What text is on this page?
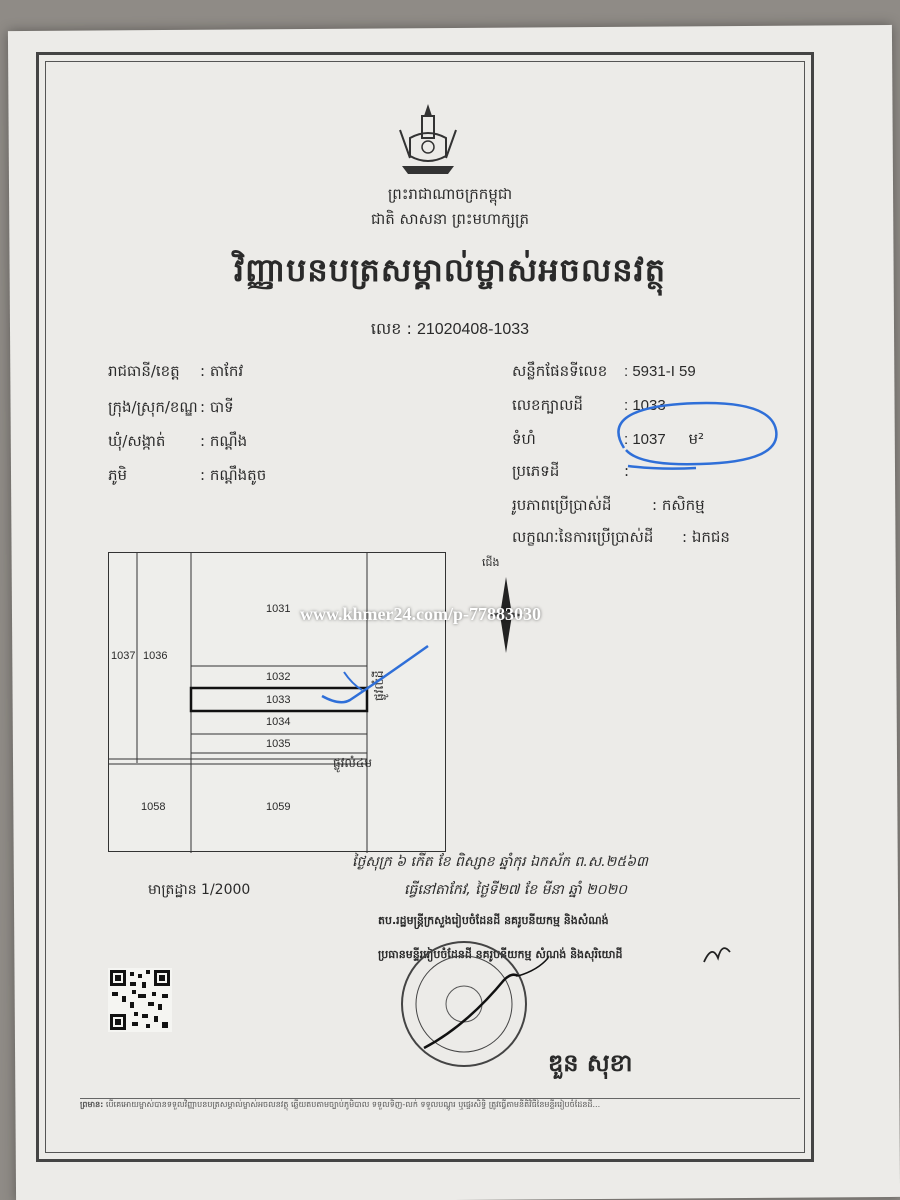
ព្រះរាជាណាចក្រកម្ពុជា
ជាតិ សាសនា ព្រះមហាក្សត្រ
វិញ្ញាបនបត្រសម្គាល់ម្ចាស់អចលនវត្ថុ
លេខ : 21020408-1033
រាជធានី/ខេត្ត : តាកែវ
ក្រុង/ស្រុក/ខណ្ឌ : បាទី
ឃុំ/សង្កាត់ : កណ្ដឹង
ភូមិ	: កណ្ដឹងតូច
សន្លឹកផែនទីលេខ : 5931-I 59
លេខក្បាលដី	: 1033
ទំហំ	: 1037 ម²
ប្រភេទដី	:
រូបភាពប្រើប្រាស់ដី	: កសិកម្ម
លក្ខណៈនៃការប្រើប្រាស់ដី : ឯកជន
1031
1037 1036
1032
1033
1034
1035
1058	1059
ផ្លូវលំដី
ផ្លូវលំ៤ម
ជើង
www.khmer24.com/p-77883030
មាត្រដ្ឋាន 1/2000
ថ្ងៃសុក្រ ៦ កើត ខែ ពិស្សាខ ឆ្នាំកុរ ឯកស័ក ព.ស.២៥៦៣
ធ្វើនៅតាកែវ, ថ្ងៃទី២៧ ខែ មីនា ឆ្នាំ ២០២០
តប.រដ្ឋមន្ត្រីក្រសួងរៀបចំដែនដី នគរូបនីយកម្ម និងសំណង់
ប្រធានមន្ទីររៀបចំដែនដី នគរូបនីយកម្ម សំណង់ និងសុរិយោដី
ឌួន សុខា
ព្រមាន: បើគេអោយម្ចាស់បានទទួលវិញ្ញាបនបត្រសម្គាល់ម្ចាស់អចលនវត្ថុ ឆ្លើយតបតាមច្បាប់ភូមិបាល ទទួលទិញ-លក់ ទទួលបណ្ដូរ ឬផ្ទេរសិទ្ធិ ត្រូវធ្វើតាមនីតិវិធីនៃមន្ទីររៀបចំដែនដី...
